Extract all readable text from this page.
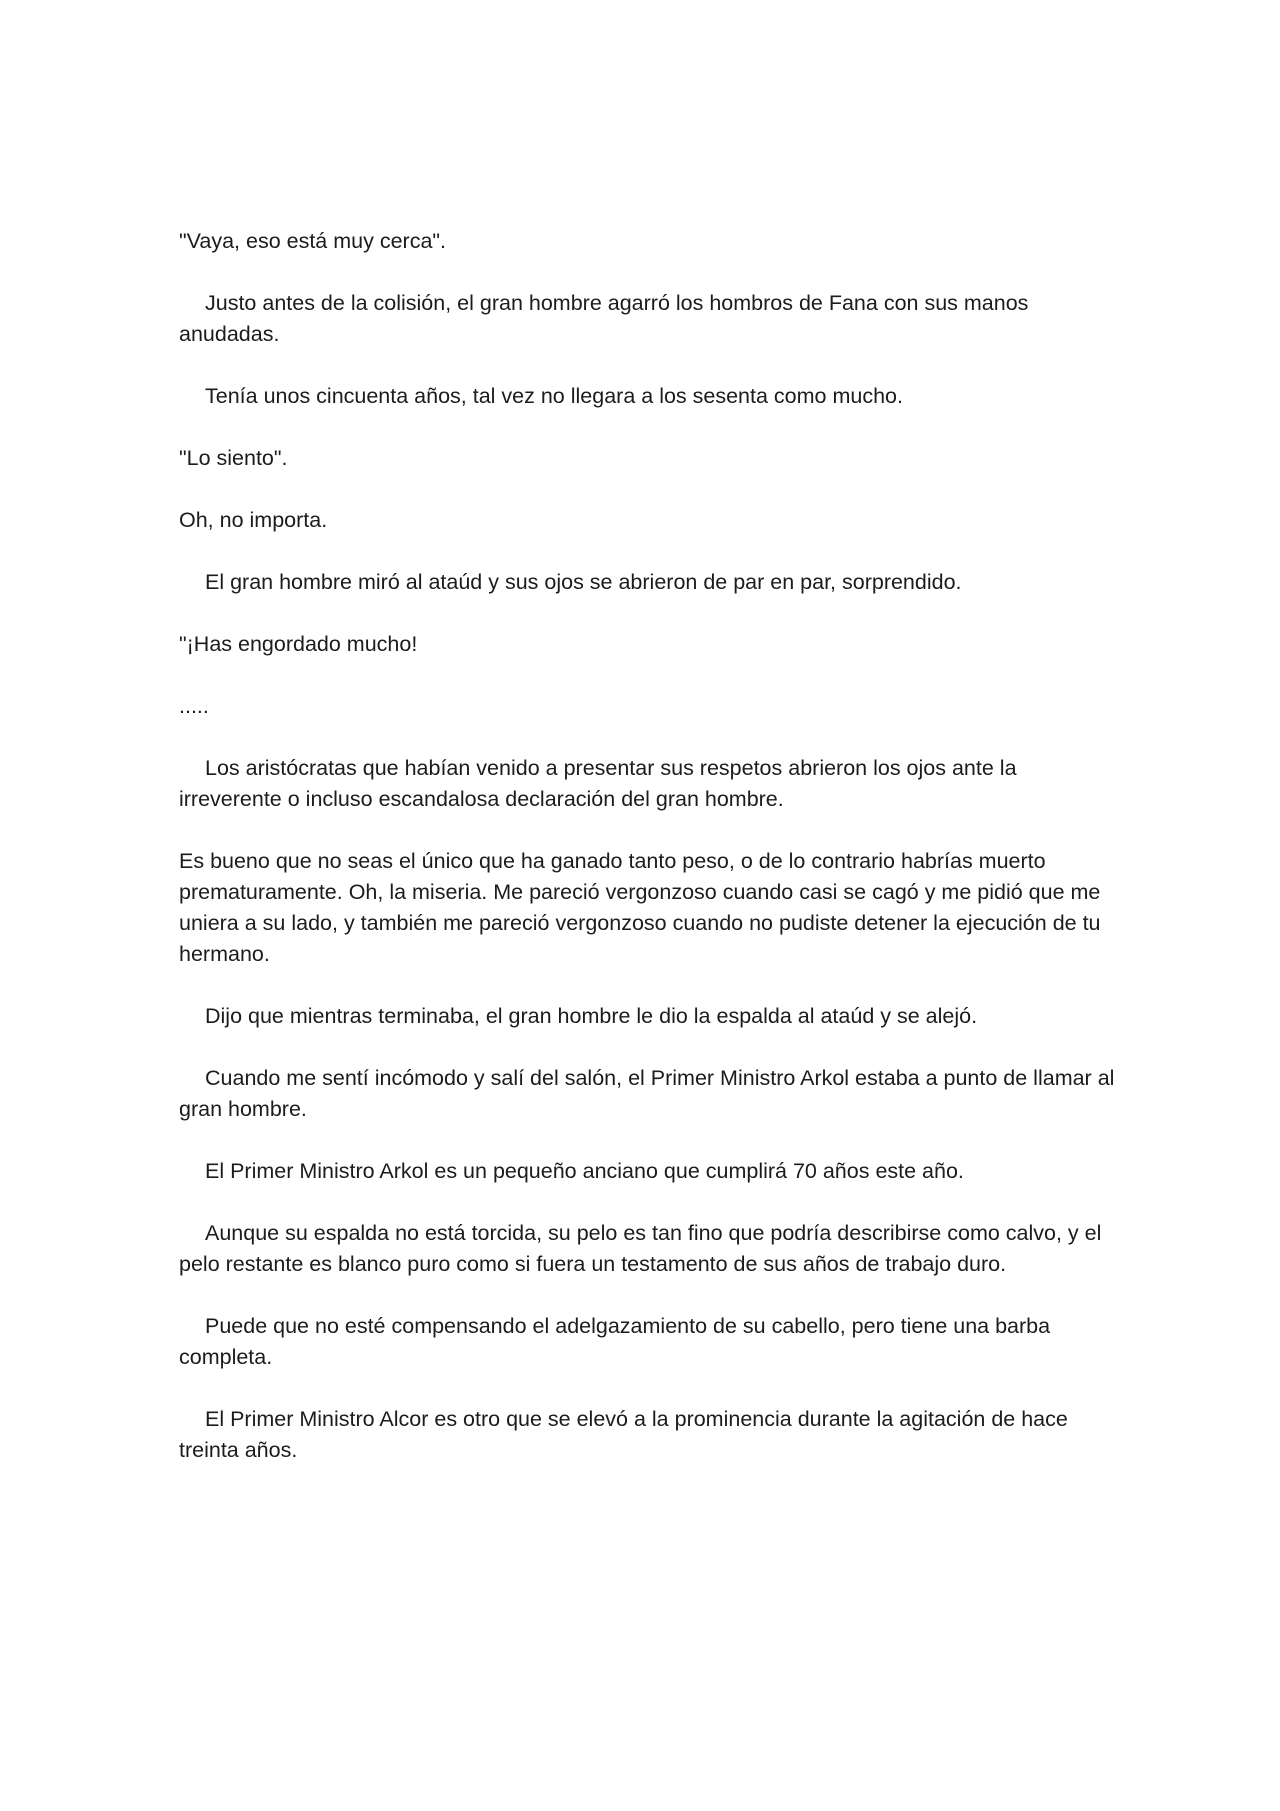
"Vaya, eso está muy cerca".

Justo antes de la colisión, el gran hombre agarró los hombros de Fana con sus manos anudadas.

Tenía unos cincuenta años, tal vez no llegara a los sesenta como mucho.

"Lo siento".

Oh, no importa.

El gran hombre miró al ataúd y sus ojos se abrieron de par en par, sorprendido.

"¡Has engordado mucho!

.....

Los aristócratas que habían venido a presentar sus respetos abrieron los ojos ante la irreverente o incluso escandalosa declaración del gran hombre.

Es bueno que no seas el único que ha ganado tanto peso, o de lo contrario habrías muerto prematuramente. Oh, la miseria. Me pareció vergonzoso cuando casi se cagó y me pidió que me uniera a su lado, y también me pareció vergonzoso cuando no pudiste detener la ejecución de tu hermano.

Dijo que mientras terminaba, el gran hombre le dio la espalda al ataúd y se alejó.

Cuando me sentí incómodo y salí del salón, el Primer Ministro Arkol estaba a punto de llamar al gran hombre.

El Primer Ministro Arkol es un pequeño anciano que cumplirá 70 años este año.

Aunque su espalda no está torcida, su pelo es tan fino que podría describirse como calvo, y el pelo restante es blanco puro como si fuera un testamento de sus años de trabajo duro.

Puede que no esté compensando el adelgazamiento de su cabello, pero tiene una barba completa.

El Primer Ministro Alcor es otro que se elevó a la prominencia durante la agitación de hace treinta años.
